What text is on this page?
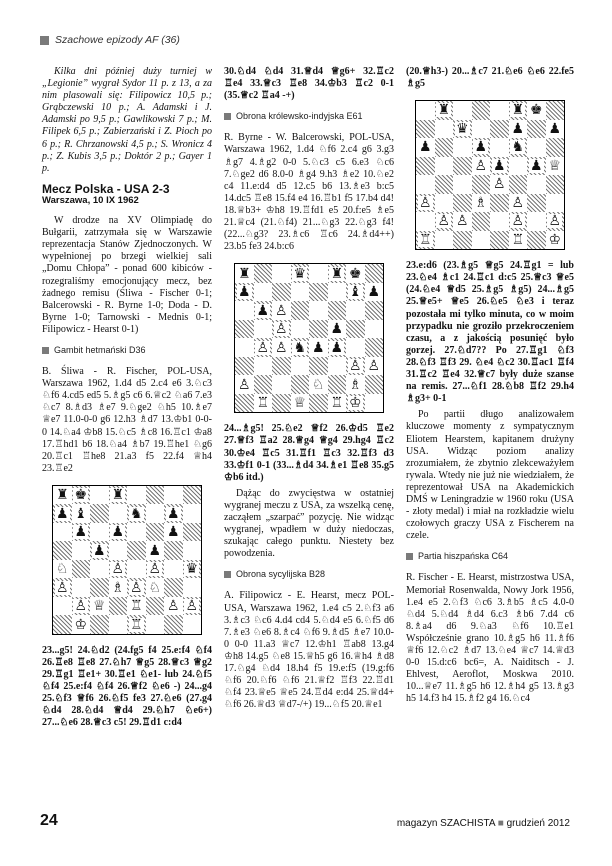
Szachowe epizody AF (36)

Kilka dni później duży turniej w „Legionie” wygrał Sydor 11 p. z 13, a za nim plasowali się: Filipowicz 10,5 p.; Grąbczewski 10 p.; A. Adamski i J. Adamski po 9,5 p.; Gawlikowski 7 p.; M. Filipek 6,5 p.; Zabierzański i Z. Pioch po 6 p.; R. Chrzanowski 4,5 p.; S. Wronicz 4 p.; Z. Kubis 3,5 p.; Doktór 2 p.; Gayer 1 p.

Mecz Polska - USA 2-3
Warszawa, 10 IX 1962

W drodze na XV Olimpiadę do Bułgarii, zatrzymała się w Warszawie reprezentacja Stanów Zjednoczonych. W wypełnionej po brzegi wielkiej sali „Domu Chłopa” - ponad 600 kibiców - rozegraliśmy emocjonujący mecz, bez żadnego remisu (Śliwa - Fischer 0-1; Balcerowski - R. Byrne 1-0; Doda - D. Byrne 1-0; Tarnowski - Mednis 0-1; Filipowicz - Hearst 0-1)

Gambit hetmański D36

B. Śliwa - R. Fischer, POL-USA, Warszawa 1962, 1.d4 d5 2.c4 e6 3.♘c3 ♘f6 4.cd5 ed5 5.♗g5 c6 6.♕c2 ♘a6 7.e3 ♘c7 8.♗d3 ♗e7 9.♘ge2 ♘h5 10.♗e7 ♕e7 11.0-0-0 g6 12.h3 ♗d7 13.♔b1 0-0-0 14.♘a4 ♔b8 15.♘c5 ♗c8 16.♖c1 ♔a8 17.♖hd1 b6 18.♘a4 ♗b7 19.♖he1 ♘g6 20.♖c1 ♖he8 21.a3 f5 22.f4 ♕h4 23.♖e2

♜ ♚ ♜
♟ ♝	♞ ♟
♟ ♟	♟
♟	♟
♘	♙ ♙ ♛
♙	♗ ♙ ♘
♙ ♕ ♖ ♙ ♙
♔	♖

23...g5! 24.♘d2 (24.fg5 f4 25.e:f4 ♘f4 26.♖e8 ♖e8 27.♘h7 ♕g5 28.♕c3 ♕g2 29.♖g1 ♖e1+ 30.♖e1 ♘e1- lub 24.♘f5 ♘f4 25.e:f4 ♘f4 26.♕f2 ♘e6 -) 24...g4 25.♘f3 ♕f6 26.♘f5 fe3 27.♘e6 (27.g4 ♘d4 28.♘d4 ♕d4 29.♘h7 ♘e6+) 27...♘e6 28.♕c3 c5! 29.♖d1 c:d4

30.♘d4 ♘d4 31.♕d4 ♕g6+ 32.♖c2 ♖e4 33.♕c3 ♖e8 34.♔b3 ♖c2 0-1 (35.♕c2 ♖a4 -+)

Obrona królewsko-indyjska E61

R. Byrne - W. Balcerowski, POL-USA, Warszawa 1962, 1.d4 ♘f6 2.c4 g6 3.g3 ♗g7 4.♗g2 0-0 5.♘c3 c5 6.e3 ♘c6 7.♘ge2 d6 8.0-0 ♗g4 9.h3 ♗e2 10.♘e2 c4 11.e:d4 d5 12.c5 b6 13.♗e3 b:c5 14.dc5 ♖e8 15.f4 e4 16.♖b1 f5 17.b4 d4! 18.♕b3+ ♔h8 19.♖fd1 e5 20.f:e5 ♗e5 21.♕c4 (21.♘f4) 21...♘g3 22.♘g3 f4! (22...♘g3? 23.♗c6 ♖c6 24.♗d4++) 23.b5 fe3 24.b:c6

♜	♛ ♜ ♚
♟	♝ ♟
♟ ♙
♙	♟
♙ ♙ ♞ ♟ ♟
♙ ♙
♙	♘ ♗
♖ ♕ ♖ ♔

24...♗g5! 25.♘e2 ♕f2 26.♔d5 ♖e2 27.♕f3 ♖a2 28.♕g4 ♕g4 29.hg4 ♖c2 30.♔e4 ♖c5 31.♖f1 ♖c3 32.♖f3 d3 33.♔f1 0-1 (33...♗d4 34.♗e1 ♖e8 35.g5 ♔b6 itd.)

Dążąc do zwycięstwa w ostatniej wygranej meczu z USA, za wszelką cenę, zacząłem „szarpać” pozycję. Nie widząc wygranej, wpadłem w duży niedoczas, szukając całego punktu. Niestety bez powodzenia.

Obrona sycylijska B28

A. Filipowicz - E. Hearst, mecz POL-USA, Warszawa 1962, 1.e4 c5 2.♘f3 a6 3.♗c3 ♘c6 4.d4 cd4 5.♘d4 e5 6.♘f5 d6 7.♗e3 ♘e6 8.♗c4 ♘f6 9.♗d5 ♗e7 10.0-0 0-0 11.a3 ♕c7 12.♔h1 ♖ab8 13.g4 ♔h8 14.g5 ♘e8 15.♕h5 g6 16.♕h4 ♗d8 17.♘g4 ♘d4 18.h4 f5 19.e:f5 (19.g:f6 ♘f6 20.♘f6 ♘f6 21.♕f2 ♖f3 22.♖d1 ♘f4 23.♕e5 ♕e5 24.♖d4 e:d4 25.♕d4+ ♘f6 26.♕d3 ♕d7-/+) 19...♘f5 20.♕e1

(20.♕h3-) 20...♗c7 21.♘e6 ♘e6 22.fe5 ♗g5

♜	♜ ♚
♛	♟ ♟
♟	♟ ♞
♙ ♟ ♟ ♕
♙
♙	♗ ♙
♙ ♙	♙ ♙
♖	♖ ♔

23.e:d6 (23.♗g5 ♕g5 24.♖g1 = lub 23.♘e4 ♗c1 24.♖c1 d:c5 25.♕c3 ♕e5 (24.♘e4 ♕d5 25.♗g5 ♗g5) 24...♗g5 25.♕e5+ ♕e5 26.♘e5 ♘e3 i teraz pozostała mi tylko minuta, co w moim przypadku nie groziło przekroczeniem czasu, a z jakością posunięć było gorzej. 27.♘d7?? Po 27.♖g1 ♘f3 28.♘f3 ♖f3 29. ♘e4 ♘c2 30.♖ac1 ♖f4 31.♖c2 ♖e4 32.♕c7 były duże szanse na remis. 27...♘f1 28.♘b8 ♖f2 29.h4 ♗g3+ 0-1

Po partii długo analizowałem kluczowe momenty z sympatycznym Eliotem Hearstem, kapitanem drużyny USA. Widząc poziom analizy zrozumiałem, że zbytnio zlekceważyłem rywala. Wtedy nie już nie wiedziałem, że reprezentował USA na Akademickich DMŚ w Leningradzie w 1960 roku (USA - złoty medal) i miał na rozkładzie wielu czołowych graczy USA z Fischerem na czele.

Partia hiszpańska C64

R. Fischer - E. Hearst, mistrzostwa USA, Memoriał Rosenwalda, Nowy Jork 1956, 1.e4 e5 2.♘f3 ♘c6 3.♗b5 ♗c5 4.0-0 ♘d4 5.♘d4 ♗d4 6.c3 ♗b6 7.d4 c6 8.♗a4 d6 9.♘a3 ♘f6 10.♖e1 Współcześnie grano 10.♗g5 h6 11.♗f6 ♕f6 12.♘c2 ♗d7 13.♘e4 ♕c7 14.♕d3 0-0 15.d:c6 bc6=, A. Naiditsch - J. Ehlvest, Aeroflot, Moskwa 2010. 10...♕e7 11.♗g5 h6 12.♗h4 g5 13.♗g3 h5 14.f3 h4 15.♗f2 g4 16.♘c4

24	magazyn SZACHISTA ■ grudzień 2012
